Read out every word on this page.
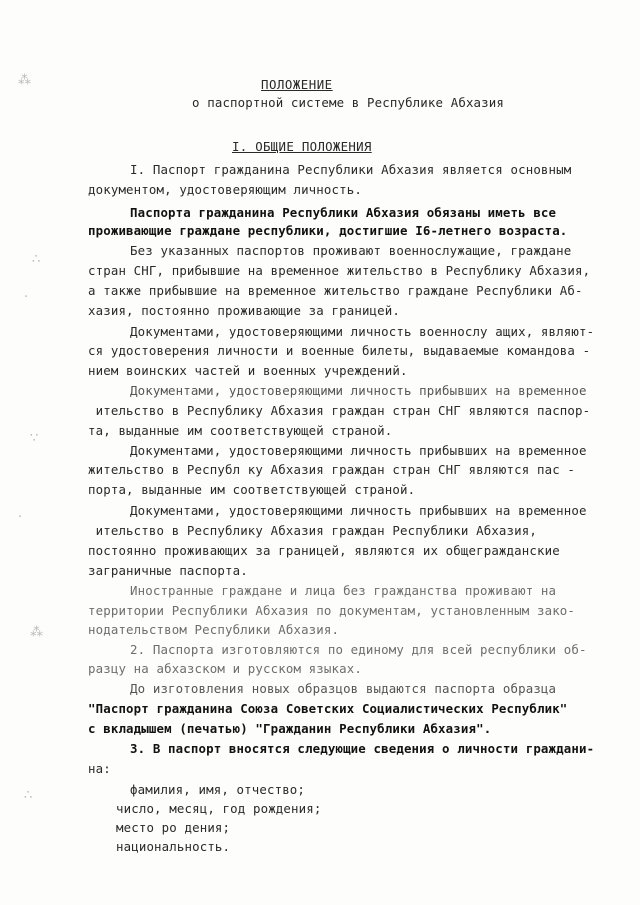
ПОЛОЖЕНИЕ
о паспортной системе в Республике Абхазия
I. ОБЩИЕ ПОЛОЖЕНИЯ
I. Паспорт гражданина Республики Абхазия является основным
документом, удостоверяющим личность.
Паспорта гражданина Республики Абхазия обязаны иметь все
проживающие граждане республики, достигшие I6-летнего возраста.
Без указанных паспортов проживают военнослужащие, граждане
стран СНГ, прибывшие на временное жительство в Республику Абхазия,
а также прибывшие на временное жительство граждане Республики Аб-
хазия, постоянно проживающие за границей.
Документами, удостоверяющими личность военнослу ащих, являют-
ся удостоверения личности и военные билеты, выдаваемые командова -
нием воинских частей и военных учреждений.
Документами, удостоверяющими личность прибывших на временное
ительство в Республику Абхазия граждан стран СНГ являются паспор-
та, выданные им соответствующей страной.
Документами, удостоверяющими личность прибывших на временное
жительство в Республ ку Абхазия граждан стран СНГ являются пас -
порта, выданные им соответствующей страной.
Документами, удостоверяющими личность прибывших на временное
ительство в Республику Абхазия граждан Республики Абхазия,
постоянно проживающих за границей, являются их общегражданские
заграничные паспорта.
Иностранные граждане и лица без гражданства проживают на
территории Республики Абхазия по документам, установленным зако-
нодательством Республики Абхазия.
2. Паспорта изготовляются по единому для всей республики об-
разцу на абхазском и русском языках.
До изготовления новых образцов выдаются паспорта образца
"Паспорт гражданина Союза Советских Социалистических Республик"
с вкладышем (печатью) "Гражданин Республики Абхазия".
3. В паспорт вносятся следующие сведения о личности граждани-
на:
фамилия, имя, отчество;
число, месяц, год рождения;
место ро дения;
национальность.
⁂
∴
·
∵
·
⁂
∴
